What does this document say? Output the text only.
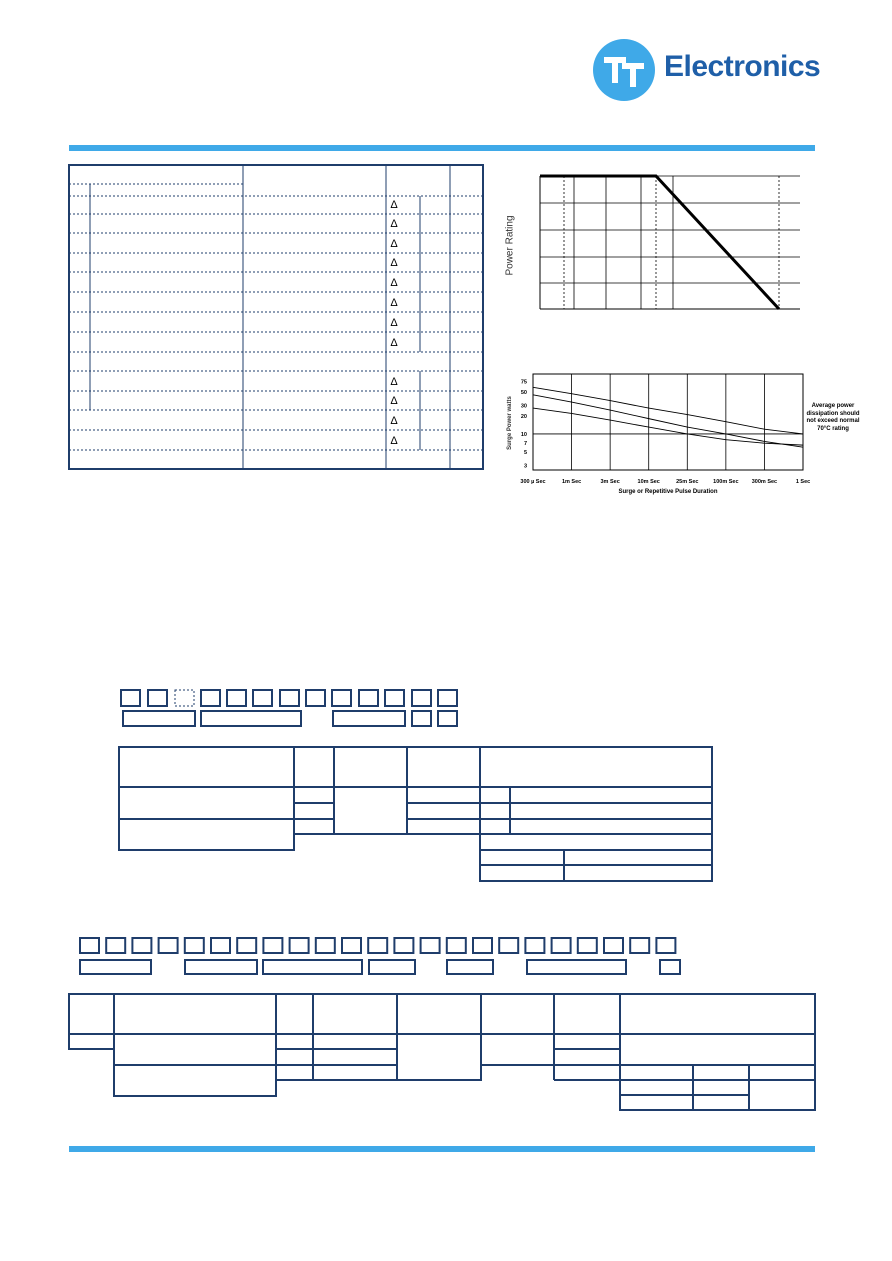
Electronics
Δ
Δ
Δ
Δ
Δ
Δ
Δ
Δ
Δ
Δ
Δ
Δ
Power Rating
75
50
30
20
10
7
5
3
300 µ Sec	1m Sec	3m Sec	10m Sec	25m Sec	100m Sec 300m Sec	1 Sec
Surge or Repetitive Pulse Duration
Surge Power watts	Average power dissipation should not exceed normal 70°C rating
